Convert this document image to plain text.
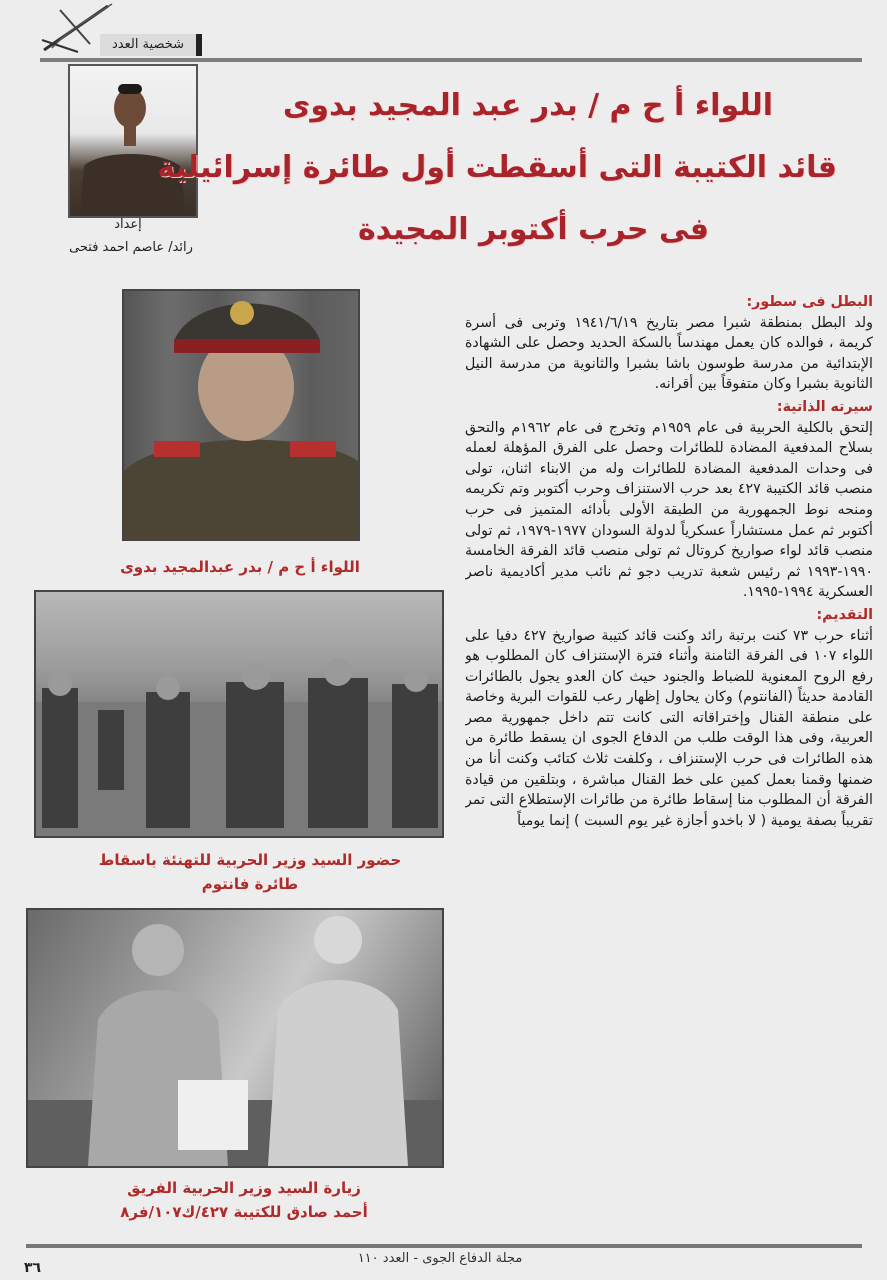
شخصية العدد
إعداد
رائد/ عاصم احمد فتحى
اللواء أ ح م / بدر عبد المجيد بدوى
قائد الكتيبة التى أسقطت أول طائرة إسرائيلية
فى حرب أكتوبر المجيدة
اللواء أ ح م / بدر عبدالمجيد بدوى
حضور السيد وزير الحربية للتهنئة باسقاط
طائرة فانتوم
زيارة السيد وزير الحربية الفريق
أحمد صادق للكتيبة ٤٢٧/ك١٠٧/فر٨
البطل فى سطور:

ولد البطل بمنطقة شبرا مصر بتاريخ ١٩٤١/٦/١٩ وتربى فى أسرة كريمة ، فوالده كان يعمل مهندساً بالسكة الحديد وحصل على الشهادة الإبتدائية من مدرسة طوسون باشا بشبرا والثانوية من مدرسة النيل الثانوية بشبرا وكان متفوقاً بين أقرانه.

سيرته الذاتية:

إلتحق بالكلية الحربية فى عام ١٩٥٩م وتخرج فى عام ١٩٦٢م والتحق بسلاح المدفعية المضادة للطائرات وحصل على الفرق المؤهلة لعمله فى وحدات المدفعية المضادة للطائرات وله من الابناء اثنان، تولى منصب قائد الكتيبة ٤٢٧ بعد حرب الاستنزاف وحرب أكتوبر وتم تكريمه ومنحه نوط الجمهورية من الطبقة الأولى بأدائه المتميز فى حرب أكتوبر ثم عمل مستشاراً عسكرياً لدولة السودان ١٩٧٧-١٩٧٩، ثم تولى منصب قائد لواء صواريخ كروتال ثم تولى منصب قائد الفرقة الخامسة ١٩٩٠-١٩٩٣ ثم رئيس شعبة تدريب دجو ثم نائب مدير أكاديمية ناصر العسكرية ١٩٩٤-١٩٩٥.

التقديم:

أثناء حرب ٧٣ كنت برتبة رائد وكنت قائد كتيبة صواريخ ٤٢٧ دفيا على اللواء ١٠٧ فى الفرقة الثامنة وأثناء فترة الإستنزاف كان المطلوب هو رفع الروح المعنوية للضباط والجنود حيث كان العدو يجول بالطائرات القادمة حديثاً (الفانتوم) وكان يحاول إظهار رعب للقوات البرية وخاصة على منطقة القنال وإختراقاته التى كانت تتم داخل جمهورية مصر العربية، وفى هذا الوقت طلب من الدفاع الجوى ان يسقط طائرة من هذه الطائرات فى حرب الإستنزاف ، وكلفت ثلاث كتائب وكنت أنا من ضمنها وقمنا بعمل كمين على خط القنال مباشرة ، وبتلقين من قيادة الفرقة أن المطلوب منا إسقاط طائرة من طائرات الإستطلاع التى تمر تقريباً بصفة يومية ( لا باخدو أجازة غير يوم السبت ) إنما يومياً

مجلة الدفاع الجوى - العدد ١١٠
٣٦
